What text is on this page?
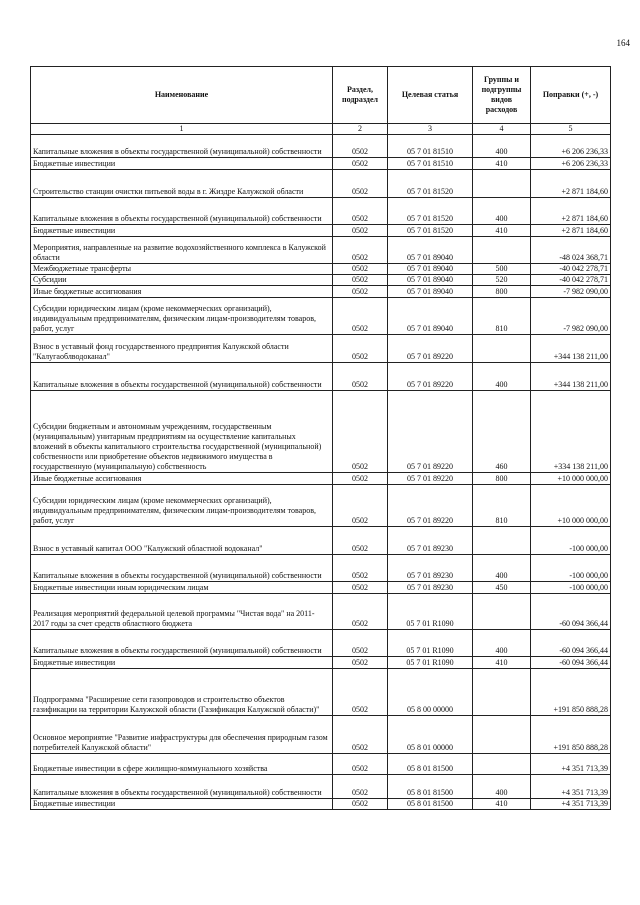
164
Наименование	Раздел, подраздел	Целевая статья	Группы и подгруппы видов расходов	Поправки (+, -)
1	2	3	4	5
Капитальные вложения в объекты государственной (муниципальной) собственности	0502	05 7 01 81510	400	+6 206 236,33
Бюджетные инвестиции	0502	05 7 01 81510	410	+6 206 236,33
Строительство станции очистки питьевой воды в г. Жиздре Калужской области	0502	05 7 01 81520		+2 871 184,60
Капитальные вложения в объекты государственной (муниципальной) собственности	0502	05 7 01 81520	400	+2 871 184,60
Бюджетные инвестиции	0502	05 7 01 81520	410	+2 871 184,60
Мероприятия, направленные на развитие водохозяйственного комплекса в Калужской области	0502	05 7 01 89040		-48 024 368,71
Межбюджетные трансферты	0502	05 7 01 89040	500	-40 042 278,71
Субсидии	0502	05 7 01 89040	520	-40 042 278,71
Иные бюджетные ассигнования	0502	05 7 01 89040	800	-7 982 090,00
Субсидии юридическим лицам (кроме некоммерческих организаций), индивидуальным предпринимателям, физическим лицам-производителям товаров, работ, услуг	0502	05 7 01 89040	810	-7 982 090,00
Взнос в уставный фонд государственного предприятия Калужской области "Калугаоблводоканал"	0502	05 7 01 89220		+344 138 211,00
Капитальные вложения в объекты государственной (муниципальной) собственности	0502	05 7 01 89220	400	+344 138 211,00
Субсидии бюджетным и автономным учреждениям, государственным (муниципальным) унитарным предприятиям на осуществление капитальных вложений в объекты капитального строительства государственной (муниципальной) собственности или приобретение объектов недвижимого имущества в государственную (муниципальную) собственность	0502	05 7 01 89220	460	+334 138 211,00
Иные бюджетные ассигнования	0502	05 7 01 89220	800	+10 000 000,00
Субсидии юридическим лицам (кроме некоммерческих организаций), индивидуальным предпринимателям, физическим лицам-производителям товаров, работ, услуг	0502	05 7 01 89220	810	+10 000 000,00
Взнос в уставный капитал ООО "Калужский областной водоканал"	0502	05 7 01 89230		-100 000,00
Капитальные вложения в объекты государственной (муниципальной) собственности	0502	05 7 01 89230	400	-100 000,00
Бюджетные инвестиции иным юридическим лицам	0502	05 7 01 89230	450	-100 000,00
Реализация мероприятий федеральной целевой программы "Чистая вода" на 2011-2017 годы за счет средств областного бюджета	0502	05 7 01 R1090		-60 094 366,44
Капитальные вложения в объекты государственной (муниципальной) собственности	0502	05 7 01 R1090	400	-60 094 366,44
Бюджетные инвестиции	0502	05 7 01 R1090	410	-60 094 366,44
Подпрограмма "Расширение сети газопроводов и строительство объектов газификации на территории Калужской области (Газификация Калужской области)"	0502	05 8 00 00000		+191 850 888,28
Основное мероприятие "Развитие инфраструктуры для обеспечения природным газом потребителей Калужской области"	0502	05 8 01 00000		+191 850 888,28
Бюджетные инвестиции в сфере жилищно-коммунального хозяйства	0502	05 8 01 81500		+4 351 713,39
Капитальные вложения в объекты государственной (муниципальной) собственности	0502	05 8 01 81500	400	+4 351 713,39
Бюджетные инвестиции	0502	05 8 01 81500	410	+4 351 713,39
